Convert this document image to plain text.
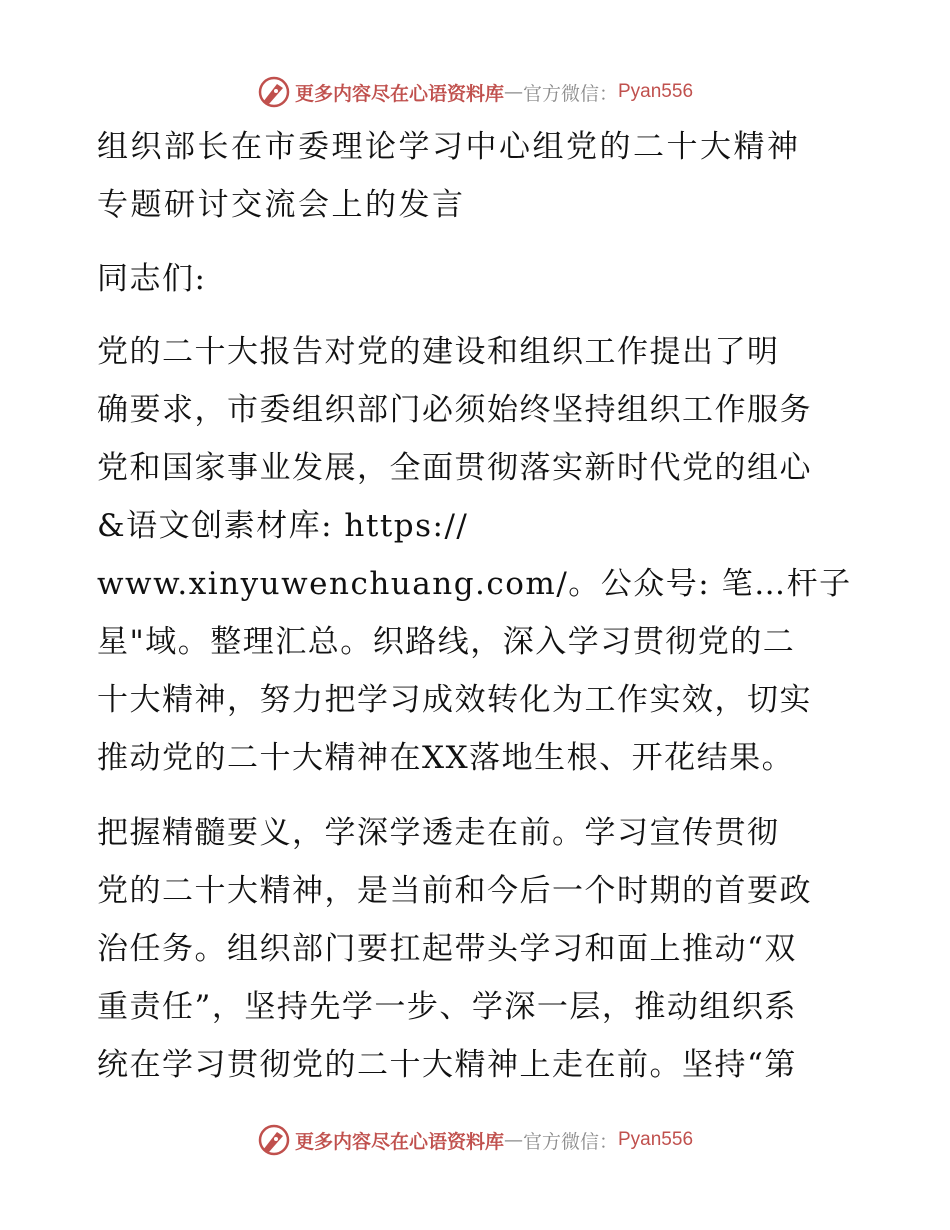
更多内容尽在心语资料库 — 官方微信： Pyan556
组织部长在市委理论学习中心组党的二十大精神
专题研讨交流会上的发言
同志们:
党的二十大报告对党的建设和组织工作提出了明
确要求，市委组织部门必须始终坚持组织工作服务
党和国家事业发展，全面贯彻落实新时代党的组心
&语文创素材库: https://
www.xinyuwenchuang.com/。公众号: 笔…杆子
星"域。整理汇总。织路线，深入学习贯彻党的二
十大精神，努力把学习成效转化为工作实效，切实
推动党的二十大精神在XX落地生根、开花结果。
把握精髓要义，学深学透走在前。学习宣传贯彻
党的二十大精神，是当前和今后一个时期的首要政
治任务。组织部门要扛起带头学习和面上推动“双
重责任”，坚持先学一步、学深一层，推动组织系
统在学习贯彻党的二十大精神上走在前。坚持“第
更多内容尽在心语资料库 — 官方微信： Pyan556
